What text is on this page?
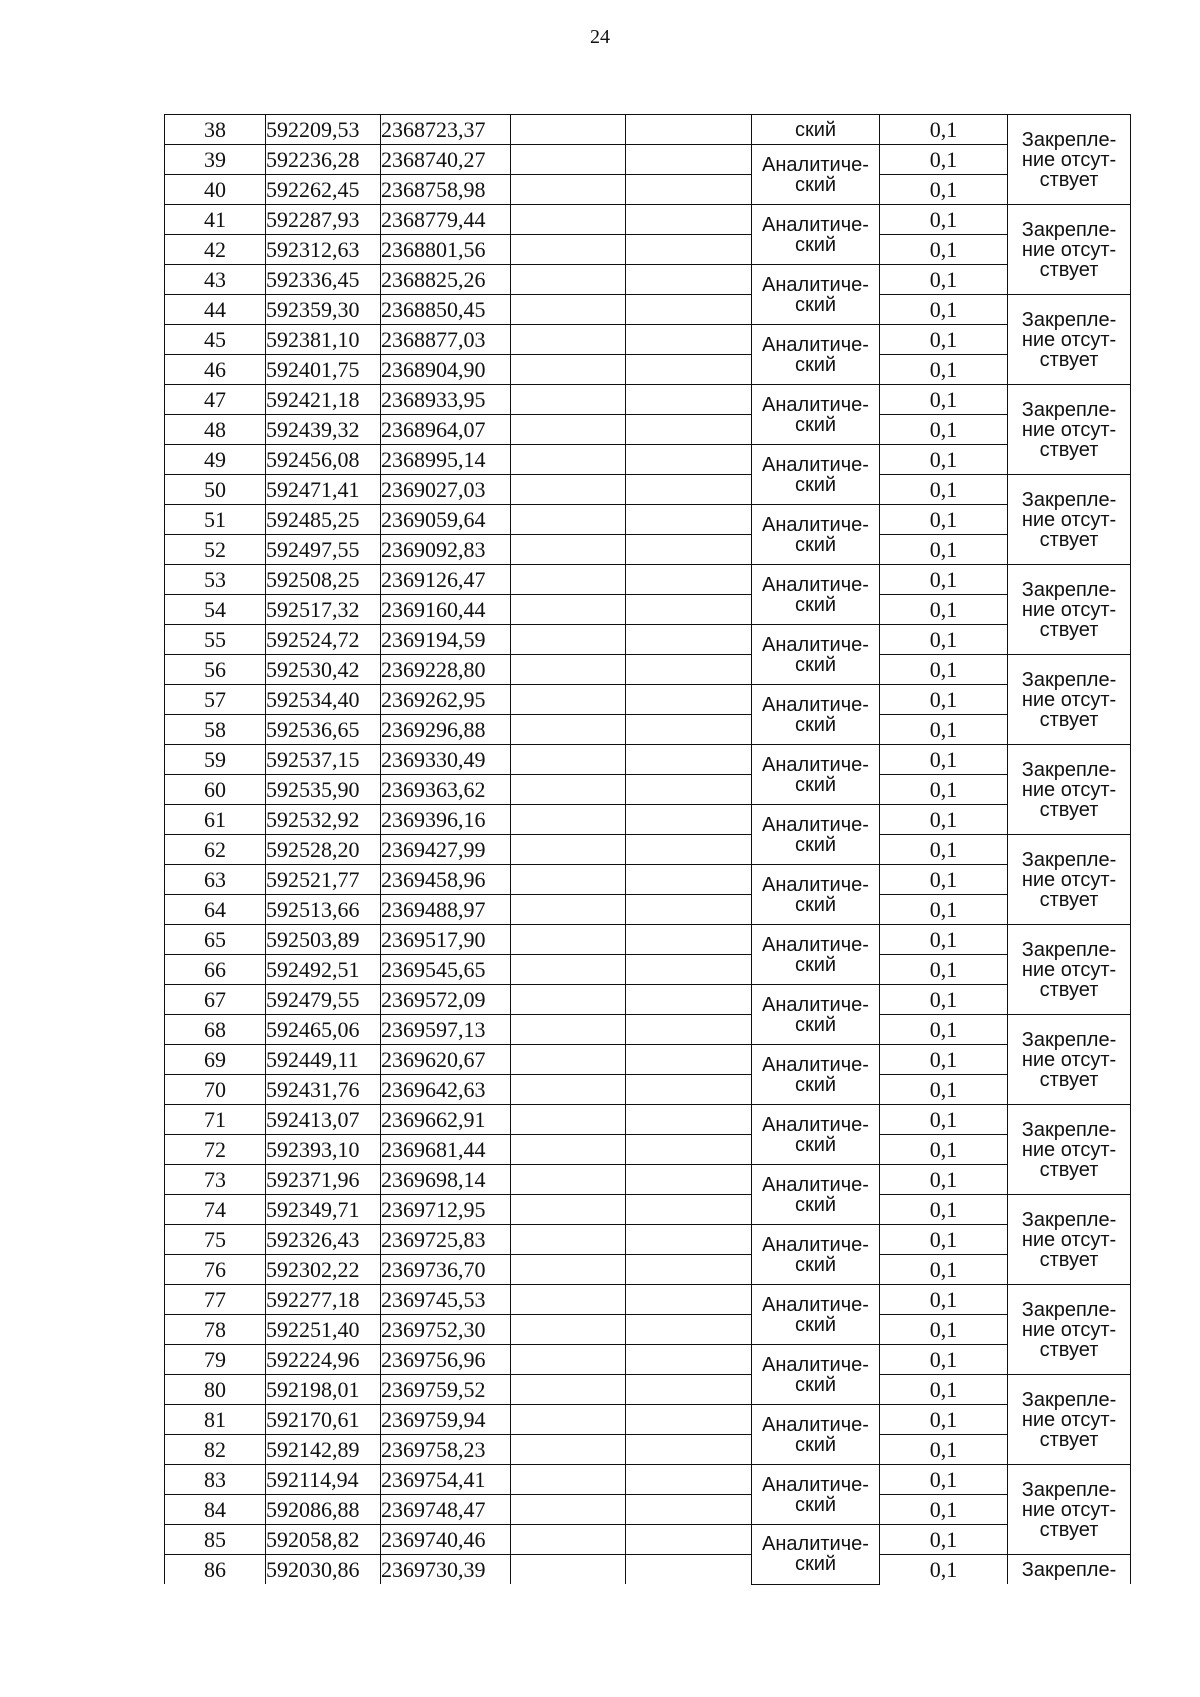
24
38	592209,53	2368723,37			ский	0,1	Закрепле-
ние отсут-
ствует
39	592236,28	2368740,27			Аналитиче-
ский	0,1	
40	592262,45	2368758,98				0,1	
41	592287,93	2368779,44			Аналитиче-
ский	0,1	Закрепле-
ние отсут-
ствует
42	592312,63	2368801,56				0,1	
43	592336,45	2368825,26			Аналитиче-
ский	0,1	
44	592359,30	2368850,45				0,1	Закрепле-
ние отсут-
ствует
45	592381,10	2368877,03			Аналитиче-
ский	0,1	
46	592401,75	2368904,90				0,1	
47	592421,18	2368933,95			Аналитиче-
ский	0,1	Закрепле-
ние отсут-
ствует
48	592439,32	2368964,07				0,1	
49	592456,08	2368995,14			Аналитиче-
ский	0,1	
50	592471,41	2369027,03				0,1	Закрепле-
ние отсут-
ствует
51	592485,25	2369059,64			Аналитиче-
ский	0,1	
52	592497,55	2369092,83				0,1	
53	592508,25	2369126,47			Аналитиче-
ский	0,1	Закрепле-
ние отсут-
ствует
54	592517,32	2369160,44				0,1	
55	592524,72	2369194,59			Аналитиче-
ский	0,1	
56	592530,42	2369228,80				0,1	Закрепле-
ние отсут-
ствует
57	592534,40	2369262,95			Аналитиче-
ский	0,1	
58	592536,65	2369296,88				0,1	
59	592537,15	2369330,49			Аналитиче-
ский	0,1	Закрепле-
ние отсут-
ствует
60	592535,90	2369363,62				0,1	
61	592532,92	2369396,16			Аналитиче-
ский	0,1	
62	592528,20	2369427,99				0,1	Закрепле-
ние отсут-
ствует
63	592521,77	2369458,96			Аналитиче-
ский	0,1	
64	592513,66	2369488,97				0,1	
65	592503,89	2369517,90			Аналитиче-
ский	0,1	Закрепле-
ние отсут-
ствует
66	592492,51	2369545,65				0,1	
67	592479,55	2369572,09			Аналитиче-
ский	0,1	
68	592465,06	2369597,13				0,1	Закрепле-
ние отсут-
ствует
69	592449,11	2369620,67			Аналитиче-
ский	0,1	
70	592431,76	2369642,63				0,1	
71	592413,07	2369662,91			Аналитиче-
ский	0,1	Закрепле-
ние отсут-
ствует
72	592393,10	2369681,44				0,1	
73	592371,96	2369698,14			Аналитиче-
ский	0,1	
74	592349,71	2369712,95				0,1	Закрепле-
ние отсут-
ствует
75	592326,43	2369725,83			Аналитиче-
ский	0,1	
76	592302,22	2369736,70				0,1	
77	592277,18	2369745,53			Аналитиче-
ский	0,1	Закрепле-
ние отсут-
ствует
78	592251,40	2369752,30				0,1	
79	592224,96	2369756,96			Аналитиче-
ский	0,1	
80	592198,01	2369759,52				0,1	Закрепле-
ние отсут-
ствует
81	592170,61	2369759,94			Аналитиче-
ский	0,1	
82	592142,89	2369758,23				0,1	
83	592114,94	2369754,41			Аналитиче-
ский	0,1	Закрепле-
ние отсут-
ствует
84	592086,88	2369748,47				0,1	
85	592058,82	2369740,46			Аналитиче-
ский	0,1	
86	592030,86	2369730,39				0,1	Закрепле-
